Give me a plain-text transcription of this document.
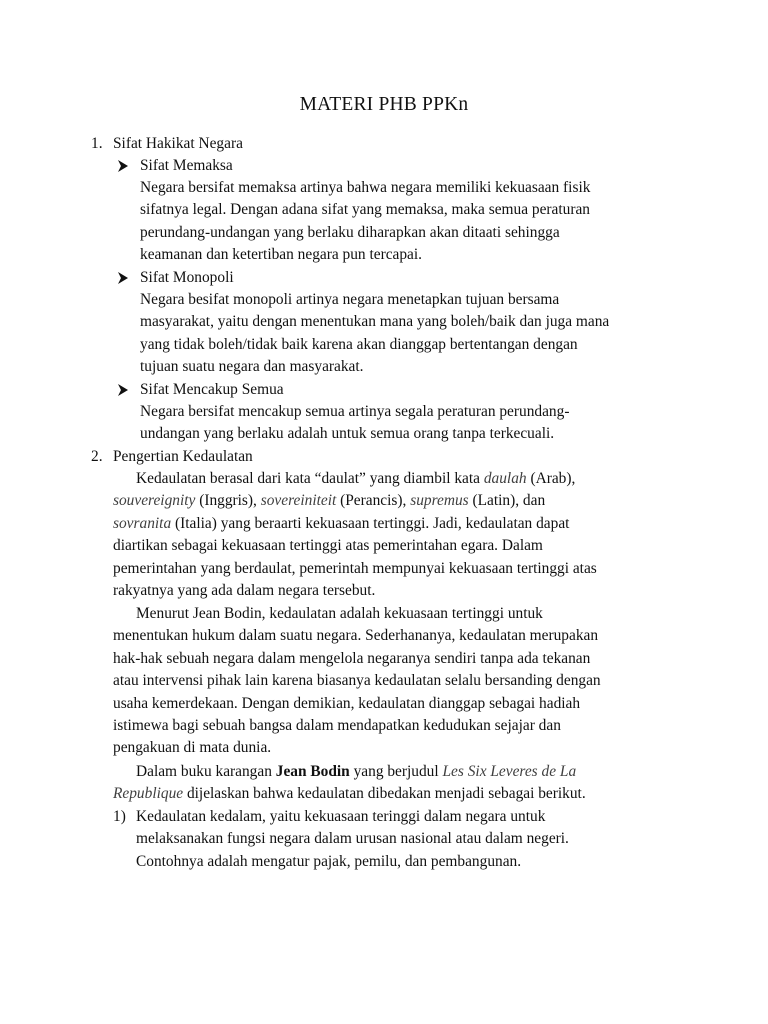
MATERI PHB PPKn
1. Sifat Hakikat Negara
Sifat Memaksa
Negara bersifat memaksa artinya bahwa negara memiliki kekuasaan fisik
sifatnya legal. Dengan adana sifat yang memaksa, maka semua peraturan
perundang-undangan yang berlaku diharapkan akan ditaati sehingga
keamanan dan ketertiban negara pun tercapai.
Sifat Monopoli
Negara besifat monopoli artinya negara menetapkan tujuan bersama
masyarakat, yaitu dengan menentukan mana yang boleh/baik dan juga mana
yang tidak boleh/tidak baik karena akan dianggap bertentangan dengan
tujuan suatu negara dan masyarakat.
Sifat Mencakup Semua
Negara bersifat mencakup semua artinya segala peraturan perundang-
undangan yang berlaku adalah untuk semua orang tanpa terkecuali.
2. Pengertian Kedaulatan
Kedaulatan berasal dari kata “daulat” yang diambil kata daulah (Arab),
souvereignity (Inggris), sovereiniteit (Perancis), supremus (Latin), dan
sovranita (Italia) yang beraarti kekuasaan tertinggi. Jadi, kedaulatan dapat
diartikan sebagai kekuasaan tertinggi atas pemerintahan egara. Dalam
pemerintahan yang berdaulat, pemerintah mempunyai kekuasaan tertinggi atas
rakyatnya yang ada dalam negara tersebut.
Menurut Jean Bodin, kedaulatan adalah kekuasaan tertinggi untuk
menentukan hukum dalam suatu negara. Sederhananya, kedaulatan merupakan
hak-hak sebuah negara dalam mengelola negaranya sendiri tanpa ada tekanan
atau intervensi pihak lain karena biasanya kedaulatan selalu bersanding dengan
usaha kemerdekaan. Dengan demikian, kedaulatan dianggap sebagai hadiah
istimewa bagi sebuah bangsa dalam mendapatkan kedudukan sejajar dan
pengakuan di mata dunia.
Dalam buku karangan Jean Bodin yang berjudul Les Six Leveres de La
Republique dijelaskan bahwa kedaulatan dibedakan menjadi sebagai berikut.
1) Kedaulatan kedalam, yaitu kekuasaan teringgi dalam negara untuk
melaksanakan fungsi negara dalam urusan nasional atau dalam negeri.
Contohnya adalah mengatur pajak, pemilu, dan pembangunan.
